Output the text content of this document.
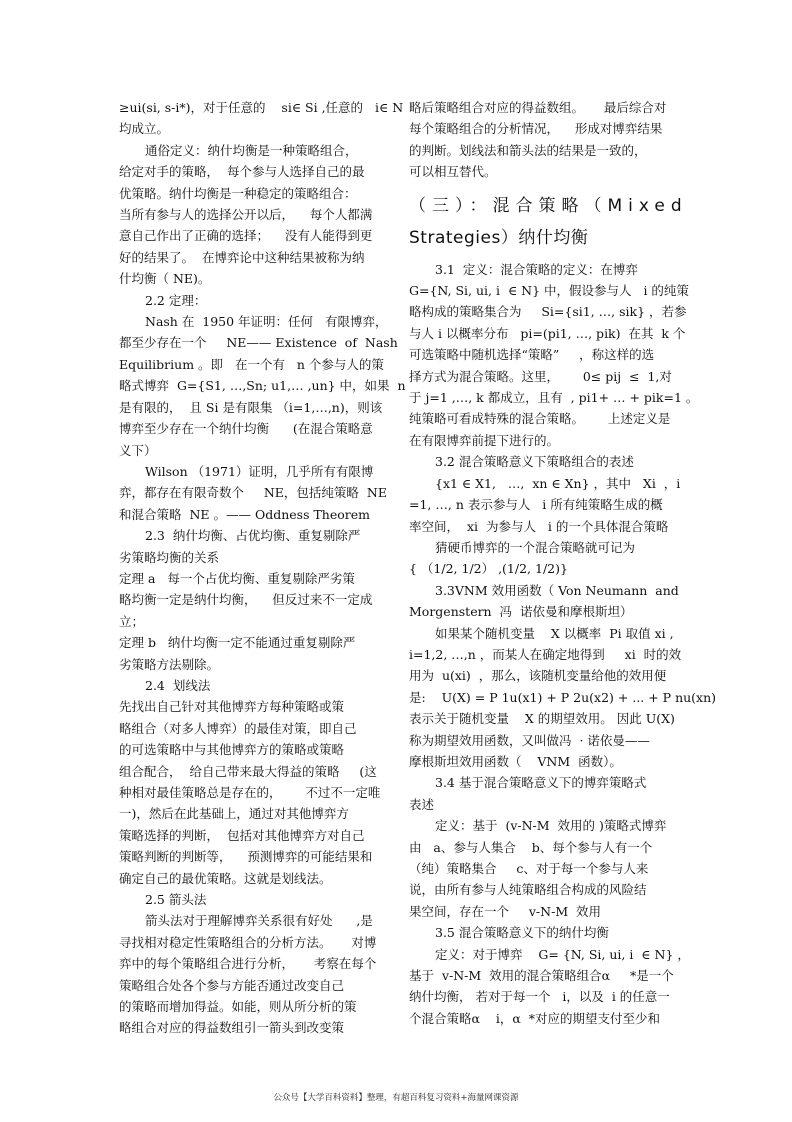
≥ui(si, s-i*)，对于任意的    si∈ Si ,任意的   i∈ N

均成立。

通俗定义：纳什均衡是一种策略组合，

给定对手的策略，  每个参与人选择自己的最

优策略。纳什均衡是一种稳定的策略组合：

当所有参与人的选择公开以后，    每个人都满

意自己作出了正确的选择；    没有人能得到更

好的结果了。  在博弈论中这种结果被称为纳

什均衡（ NE)。

2.2 定理：

Nash 在  1950 年证明：任何   有限博弈，

都至少存在一个     NE—— Existence  of  Nash

Equilibrium 。即   在一个有   n 个参与人的策

略式博弈  G={S1, …,Sn; u1,… ,un} 中，如果  n

是有限的，  且 Si 是有限集 （i=1,…,n)，则该

博弈至少存在一个纳什均衡      (在混合策略意

义下）

Wilson （1971）证明，几乎所有有限博

弈，都存在有限奇数个     NE，包括纯策略  NE

和混合策略  NE 。—— Oddness Theorem

2.3  纳什均衡、占优均衡、重复剔除严

劣策略均衡的关系

定理 a   每一个占优均衡、重复剔除严劣策

略均衡一定是纳什均衡，    但反过来不一定成

立；

定理 b   纳什均衡一定不能通过重复剔除严

劣策略方法剔除。

2.4  划线法

先找出自己针对其他博弈方每种策略或策

略组合（对多人博弈）的最佳对策，即自己

的可选策略中与其他博弈方的策略或策略

组合配合，  给自己带来最大得益的策略     (这

种相对最佳策略总是存在的，      不过不一定唯

一)，然后在此基础上，通过对其他博弈方

策略选择的判断，  包括对其他博弈方对自己

策略判断的判断等，    预测博弈的可能结果和

确定自己的最优策略。这就是划线法。

2.5 箭头法

箭头法对于理解博弈关系很有好处      ,是

寻找相对稳定性策略组合的分析方法。     对博

弈中的每个策略组合进行分析，     考察在每个

策略组合处各个参与方能否通过改变自己

的策略而增加得益。如能，则从所分析的策

略组合对应的得益数组引一箭头到改变策

略后策略组合对应的得益数组。     最后综合对

每个策略组合的分析情况，    形成对博弈结果

的判断。划线法和箭头法的结果是一致的，

可以相互替代。

（三）：混合策略（Mixed

Strategies）纳什均衡

3.1  定义：混合策略的定义：在博弈

G={N, Si, ui, i  ∈ N} 中，假设参与人   i 的纯策

略构成的策略集合为     Si={si1, …, sik} ，若参

与人 i 以概率分布   pi=(pi1, …, pik)  在其  k 个

可选策略中随机选择“策略”     ，称这样的选

择方式为混合策略。这里，      0≤ pij  ≤  1,对

于 j=1 ,…, k 都成立，且有  , pi1+ … + pik=1 。

纯策略可看成特殊的混合策略。      上述定义是

在有限博弈前提下进行的。

3.2 混合策略意义下策略组合的表述

{x1 ∈ X1,   …,  xn ∈ Xn} ，其中   Xi  ，i

=1, …, n 表示参与人   i 所有纯策略生成的概

率空间，  xi  为参与人   i 的一个具体混合策略

猜硬币博弈的一个混合策略就可记为

{ （1/2, 1/2） ,(1/2, 1/2)}

3.3VNM 效用函数（ Von Neumann  and

Morgenstern  冯  诺依曼和摩根斯坦）

如果某个随机变量    X 以概率  Pi 取值 xi ,

i=1,2, …,n ，而某人在确定地得到     xi  时的效

用为  u(xi)  ，那么，该随机变量给他的效用便

是:    U(X) = P 1u(x1) + P 2u(x2) + ... + P nu(xn)

表示关于随机变量    X 的期望效用。 因此 U(X)

称为期望效用函数，又叫做冯  · 诺依曼——

摩根斯坦效用函数（    VNM  函数）。

3.4 基于混合策略意义下的博弈策略式

表述

定义：基于  (v-N-M  效用的 )策略式博弈

由   a、参与人集合    b、每个参与人有一个

（纯）策略集合     c、对于每一个参与人来

说，由所有参与人纯策略组合构成的风险结

果空间，存在一个     v-N-M  效用

3.5 混合策略意义下的纳什均衡

定义：对于博弈    G= {N, Si, ui, i  ∈ N} ，

基于  v-N-M  效用的混合策略组合α     *是一个

纳什均衡， 若对于每一个   i，以及  i 的任意一

个混合策略α    i，α  *对应的期望支付至少和

公众号【大学百科资料】整理，有超百科复习资料+海量网课资源
